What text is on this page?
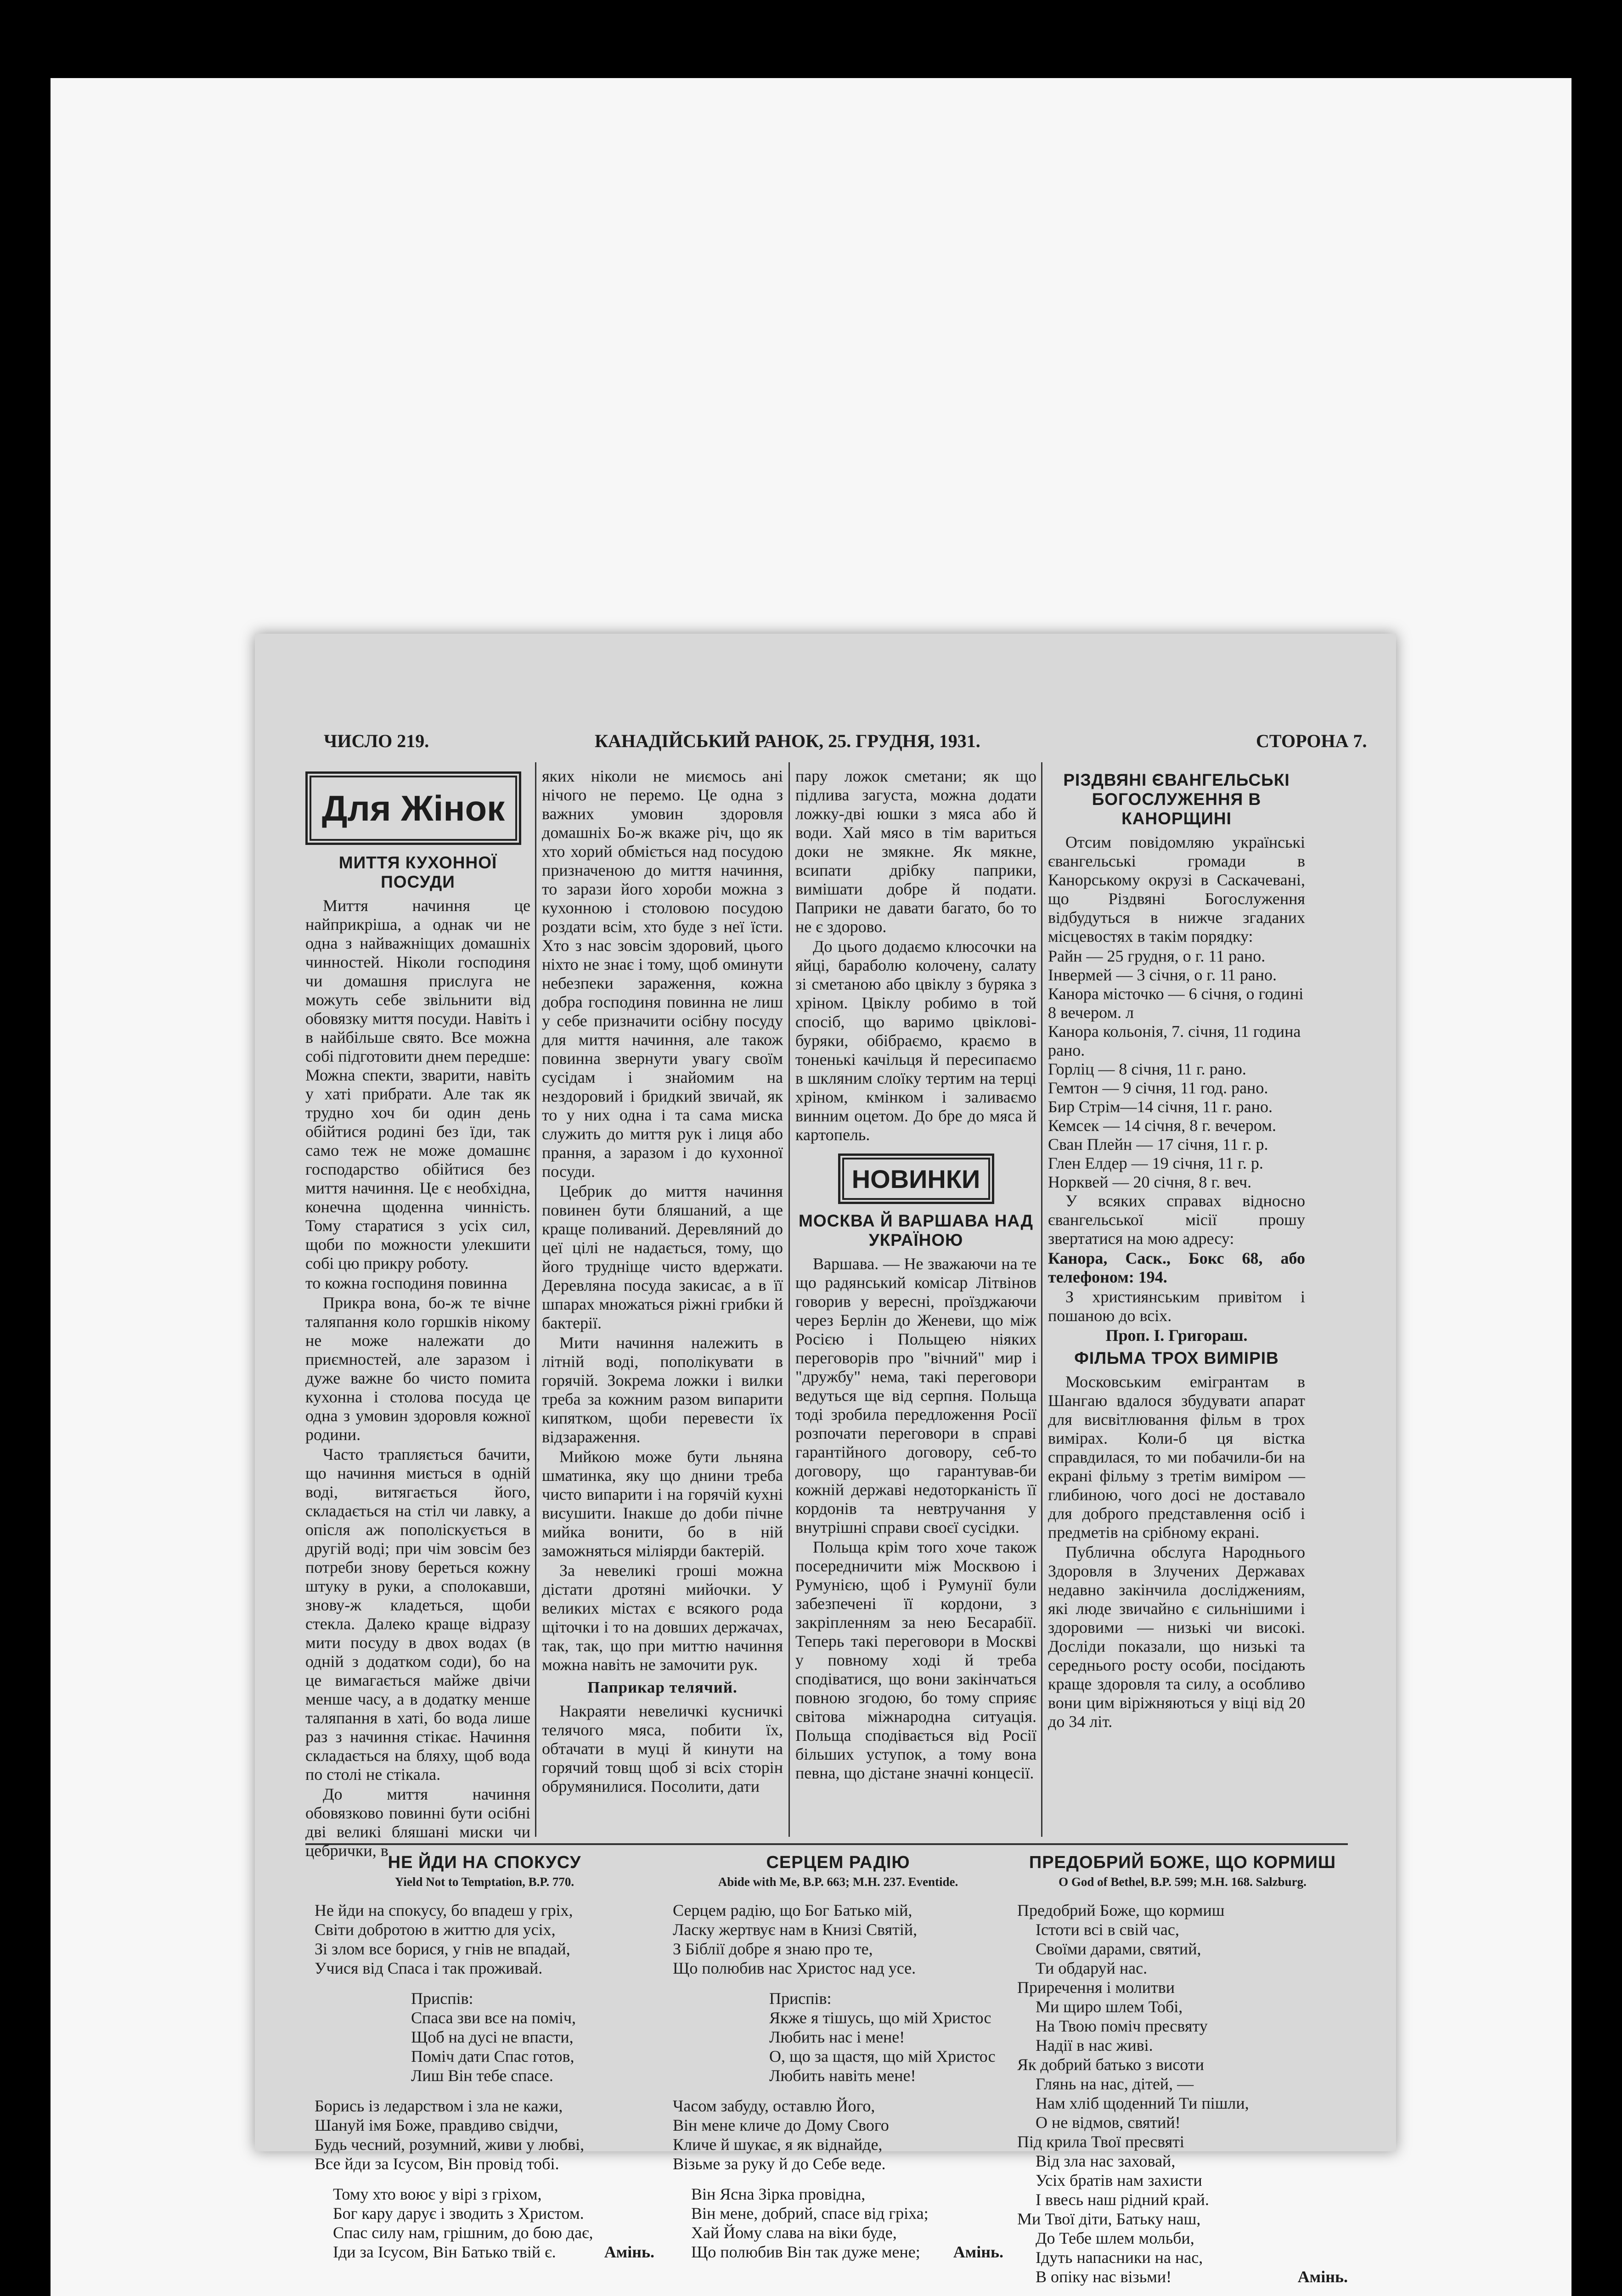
ЧИСЛО 219.	КАНАДІЙСЬКИЙ РАНОК, 25. ГРУДНЯ, 1931.	СТОРОНА 7.
Для Жінок
МИТТЯ КУХОННОЇ ПОСУДИ

Миття начиння це найприкріша, а однак чи не одна з найважніщих домашніх чинностей. Ніколи господиня чи домашня прислуга не можуть себе звільнити від обовязку миття посуди. Навіть і в найбільше свято. Все можна собі підготовити днем передше: Можна спекти, зварити, навіть у хаті прибрати. Але так як трудно хоч би один день обійтися родині без їди, так само теж не може домашнє господарство обійтися без миття начиння. Це є необхідна, конечна щоденна чинність. Тому старатися з усіх сил, щоби по можности улекшити собі цю прикру роботу.

то кожна господиня повинна

Прикра вона, бо-ж те вічне таляпання коло горшків нікому не може належати до приємностей, але заразом і дуже важне бо чисто помита кухонна і столова посуда це одна з умовин здоровля кожної родини.

Часто трапляється бачити, що начиння миється в одній воді, витягається його, складається на стіл чи лавку, а опісля аж пополіскується в другій воді; при чім зовсім без потреби знову береться кожну штуку в руки, а сполокавши, знову-ж кладеться, щоби стекла. Далеко краще відразу мити посуду в двох водах (в одній з додатком соди), бо на це вимагається майже двічи менше часу, а в додатку менше таляпання в хаті, бо вода лише раз з начиння стікає. Начиння складається на бляху, щоб вода по столі не стікала.

До миття начиння обовязково повинні бути осібні дві великі бляшані миски чи цебрички, в

яких ніколи не миємось ані нічого не перемо. Це одна з важних умовин здоровля домашніх Бо-ж вкаже річ, що як хто хорий обміється над посудою призначеною до миття начиння, то зарази його хороби можна з кухонною і столовою посудою роздати всім, хто буде з неї їсти. Хто з нас зовсім здоровий, цього ніхто не знає і тому, щоб оминути небезпеки зараження, кожна добра господиня повинна не лиш у себе призначити осібну посуду для миття начиння, але також повинна звернути увагу своїм сусідам і знайомим на нездоровий і бридкий звичай, як то у них одна і та сама миска служить до миття рук і лиця або прання, а заразом і до кухонної посуди.

Цебрик до миття начиння повинен бути бляшаний, а ще краще поливаний. Деревляний до цеї цілі не надається, тому, що його трудніще чисто вдержати. Деревляна посуда закисає, а в її шпарах множаться ріжні грибки й бактерії.

Мити начиння належить в літній воді, пополікувати в горячій. Зокрема ложки і вилки треба за кожним разом випарити кипятком, щоби перевести їх відзараження.

Мийкою може бути льняна шматинка, яку що днини треба чисто випарити і на горячій кухні висушити. Інакше до доби пічне мийка вонити, бо в ній заможняться міліярди бактерій.

За невеликі гроші можна дістати дротяні мийочки. У великих містах є всякого рода щіточки і то на довших держачах, так, так, що при миттю начиння можна навіть не замочити рук.

Паприкар телячий.

Накраяти невеличкі кусничкі телячого мяса, побити їх, обтачати в муці й кинути на горячий товщ щоб зі всіх сторін обрумянилися. Посолити, дати

пару ложок сметани; як що підлива загуста, можна додати ложку-дві юшки з мяса або й води. Хай мясо в тім вариться доки не змякне. Як мякне, всипати дрібку паприки, вимішати добре й подати. Паприки не давати багато, бо то не є здорово.

До цього додаємо клюсочки на яйці, бараболю колочену, салату зі сметаною або цвіклу з буряка з хріном. Цвіклу робимо в той спосіб, що варимо цвіклові-буряки, обібраємо, краємо в тоненькі качільця й пересипаємо в шкляним слоїку тертим на терці хріном, кмінком і заливаємо винним оцетом. До бре до мяса й картопель.

НОВИНКИ
МОСКВА Й ВАРШАВА НАД УКРАЇНОЮ

Варшава. — Не зважаючи на те що радянський комісар Літвінов говорив у вересні, проїзджаючи через Берлін до Женеви, що між Росією і Польщею ніяких переговорів про "вічний" мир і "дружбу" нема, такі переговори ведуться ще від серпня. Польща тоді зробила передложення Росії розпочати переговори в справі гарантійного договору, себ-то договору, що гарантував-би кожній державі недоторканість її кордонів та невтручання у внутрішні справи своєї сусідки.

Польща крім того хоче також посередничити між Москвою і Румунією, щоб і Румунії були забезпечені її кордони, з закріпленням за нею Бесарабії. Теперь такі переговори в Москві у повному ході й треба сподіватися, що вони закінчаться повною згодою, бо тому сприяє світова міжнародна ситуація. Польща сподівається від Росії більших уступок, а тому вона певна, що дістане значні концесії.

РІЗДВЯНІ ЄВАНГЕЛЬСЬКІ БОГОСЛУЖЕННЯ В КАНОРЩИНІ

Отсим повідомляю українські євангельські громади в Канорському окрузі в Саскачевані, що Різдвяні Богослуження відбудуться в нижче згаданих місцевостях в такім порядку:

Райн — 25 грудня, о г. 11 рано.
Інвермей — 3 січня, о г. 11 рано.
Канора місточко — 6 січня, о годині 8 вечером. л
Канора кольонія, 7. січня, 11 година рано.
Горліц — 8 січня, 11 г. рано.
Гемтон — 9 січня, 11 год. рано.
Бир Стрім—14 січня, 11 г. рано.
Кемсек — 14 січня, 8 г. вечером.
Сван Плейн — 17 січня, 11 г. р.
Глен Елдер — 19 січня, 11 г. р.
Норквей — 20 січня, 8 г. веч.

У всяких справах відносно євангельської місії прошу звертатися на мою адресу:

Канора, Саск., Бокс 68, або телефоном: 194.

З християнським привітом і пошаною до всіх.

Проп. І. Григораш.

ФІЛЬМА ТРОХ ВИМІРІВ

Московським емігрантам в Шангаю вдалося збудувати апарат для висвітлювання фільм в трох вимірах. Коли-б ця вістка справдилася, то ми побачили-би на екрані фільму з третім виміром — глибиною, чого досі не доставало для доброго представлення осіб і предметів на срібному екрані.

Публична обслуга Народнього Здоровля в Злучених Державах недавно закінчила досліджениям, які люде звичайно є сильнішими і здоровими — низькі чи високі. Досліди показали, що низькі та середнього росту особи, посідають краще здоровля та силу, а особливо вони цим віріжняються у віці від 20 до 34 літ.

НЕ ЙДИ НА СПОКУСУ
Yield Not to Temptation, B.P. 770.
Не йди на спокусу, бо впадеш у гріх,
Світи добротою в життю для усіх,
Зі злом все борися, у гнів не впадай,
Учися від Спаса і так проживай.
Приспів:
Спаса зви все на поміч,
Щоб на дусі не впасти,
Поміч дати Спас готов,
Лиш Він тебе спасе.
Борись із ледарством і зла не кажи,
Шануй імя Боже, правдиво свідчи,
Будь чесний, розумний, живи у любві,
Все йди за Ісусом, Він провід тобі.
Тому хто воює у вірі з гріхом,
Бог кару дарує і зводить з Христом.
Спас силу нам, грішним, до бою дає,
Іди за Ісусом, Він Батько твій є.	Амінь.
СЕРЦЕМ РАДІЮ
Abide with Me, B.P. 663; M.H. 237. Eventide.
Серцем радію, що Бог Батько мій,
Ласку жертвує нам в Книзі Святій,
З Біблії добре я знаю про те,
Що полюбив нас Христос над усе.
Приспів:
Якже я тішусь, що мій Христос
Любить нас і мене!
О, що за щастя, що мій Христос
Любить навіть мене!
Часом забуду, оставлю Його,
Він мене кличе до Дому Свого
Кличе й шукає, я як віднайде,
Візьме за руку й до Себе веде.
Він Ясна Зірка провідна,
Він мене, добрий, спасе від гріха;
Хай Йому слава на віки буде,
Що полюбив Він так дуже мене;	Амінь.
ПРЕДОБРИЙ БОЖЕ, ЩО КОРМИШ
O God of Bethel, B.P. 599; M.H. 168. Salzburg.
Предобрий Боже, що кормиш
Істоти всі в свій час,
Своїми дарами, святий,
Ти обдаруй нас.
Приречення і молитви
Ми щиро шлем Тобі,
На Твою поміч пресвяту
Надії в нас живі.
Як добрий батько з висоти
Глянь на нас, дітей, —
Нам хліб щоденний Ти пішли,
О не відмов, святий!
Під крила Твої пресвяті
Від зла нас заховай,
Усіх братів нам захисти
І ввесь наш рідний край.
Ми Твої діти, Батьку наш,
До Тебе шлем мольби,
Ідуть напасники на нас,
В опіку нас візьми!	Амінь.
